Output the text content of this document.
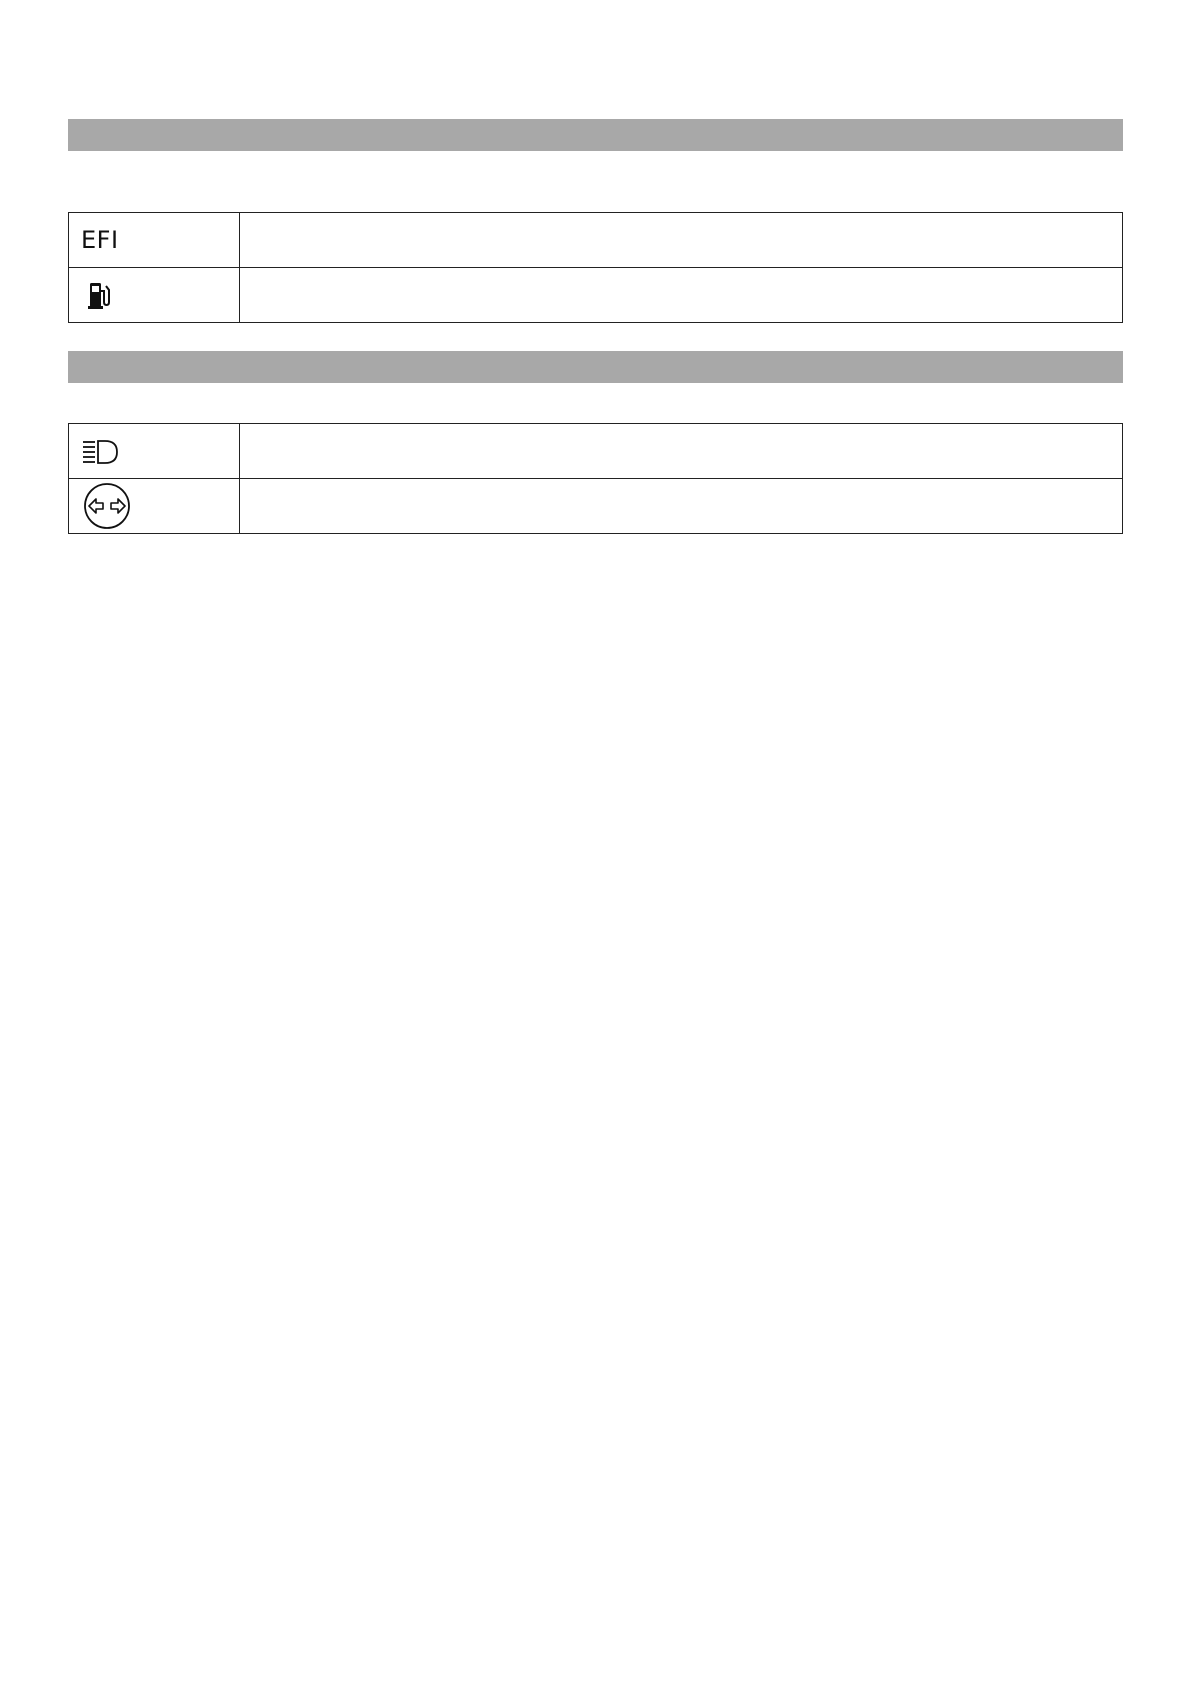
EFI	
